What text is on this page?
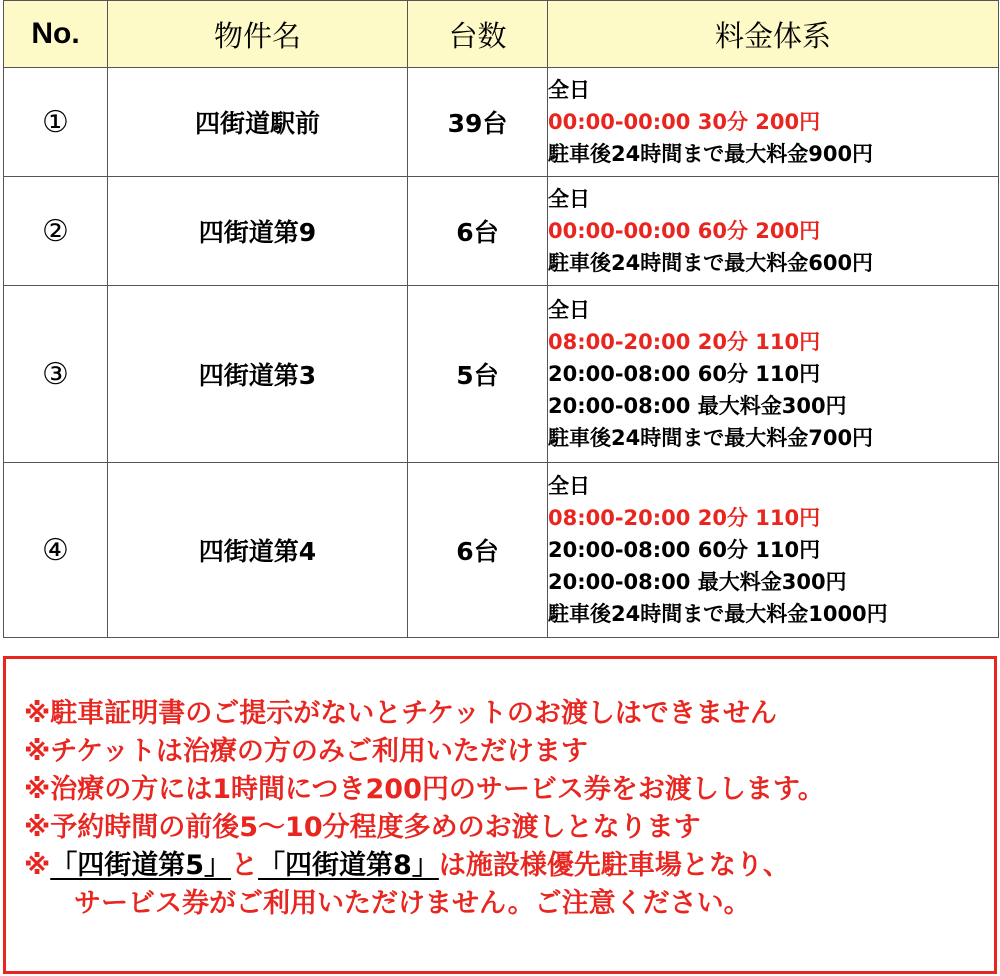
No.	物件名	台数	料金体系
①	四街道駅前	39台	全日
00:00-00:00 30分 200円
駐車後24時間まで最大料金900円

②	四街道第9	6台	全日
00:00-00:00 60分 200円
駐車後24時間まで最大料金600円

③	四街道第3	5台	全日
08:00-20:00 20分 110円
20:00-08:00 60分 110円
20:00-08:00 最大料金300円
駐車後24時間まで最大料金700円

④	四街道第4	6台	全日
08:00-20:00 20分 110円
20:00-08:00 60分 110円
20:00-08:00 最大料金300円
駐車後24時間まで最大料金1000円
※駐車証明書のご提示がないとチケットのお渡しはできません
※チケットは治療の方のみご利用いただけます
※治療の方には1時間につき200円のサービス券をお渡しします。
※予約時間の前後5～10分程度多めのお渡しとなります
※「四街道第5」と「四街道第8」は施設様優先駐車場となり、
サービス券がご利用いただけません。ご注意ください。
